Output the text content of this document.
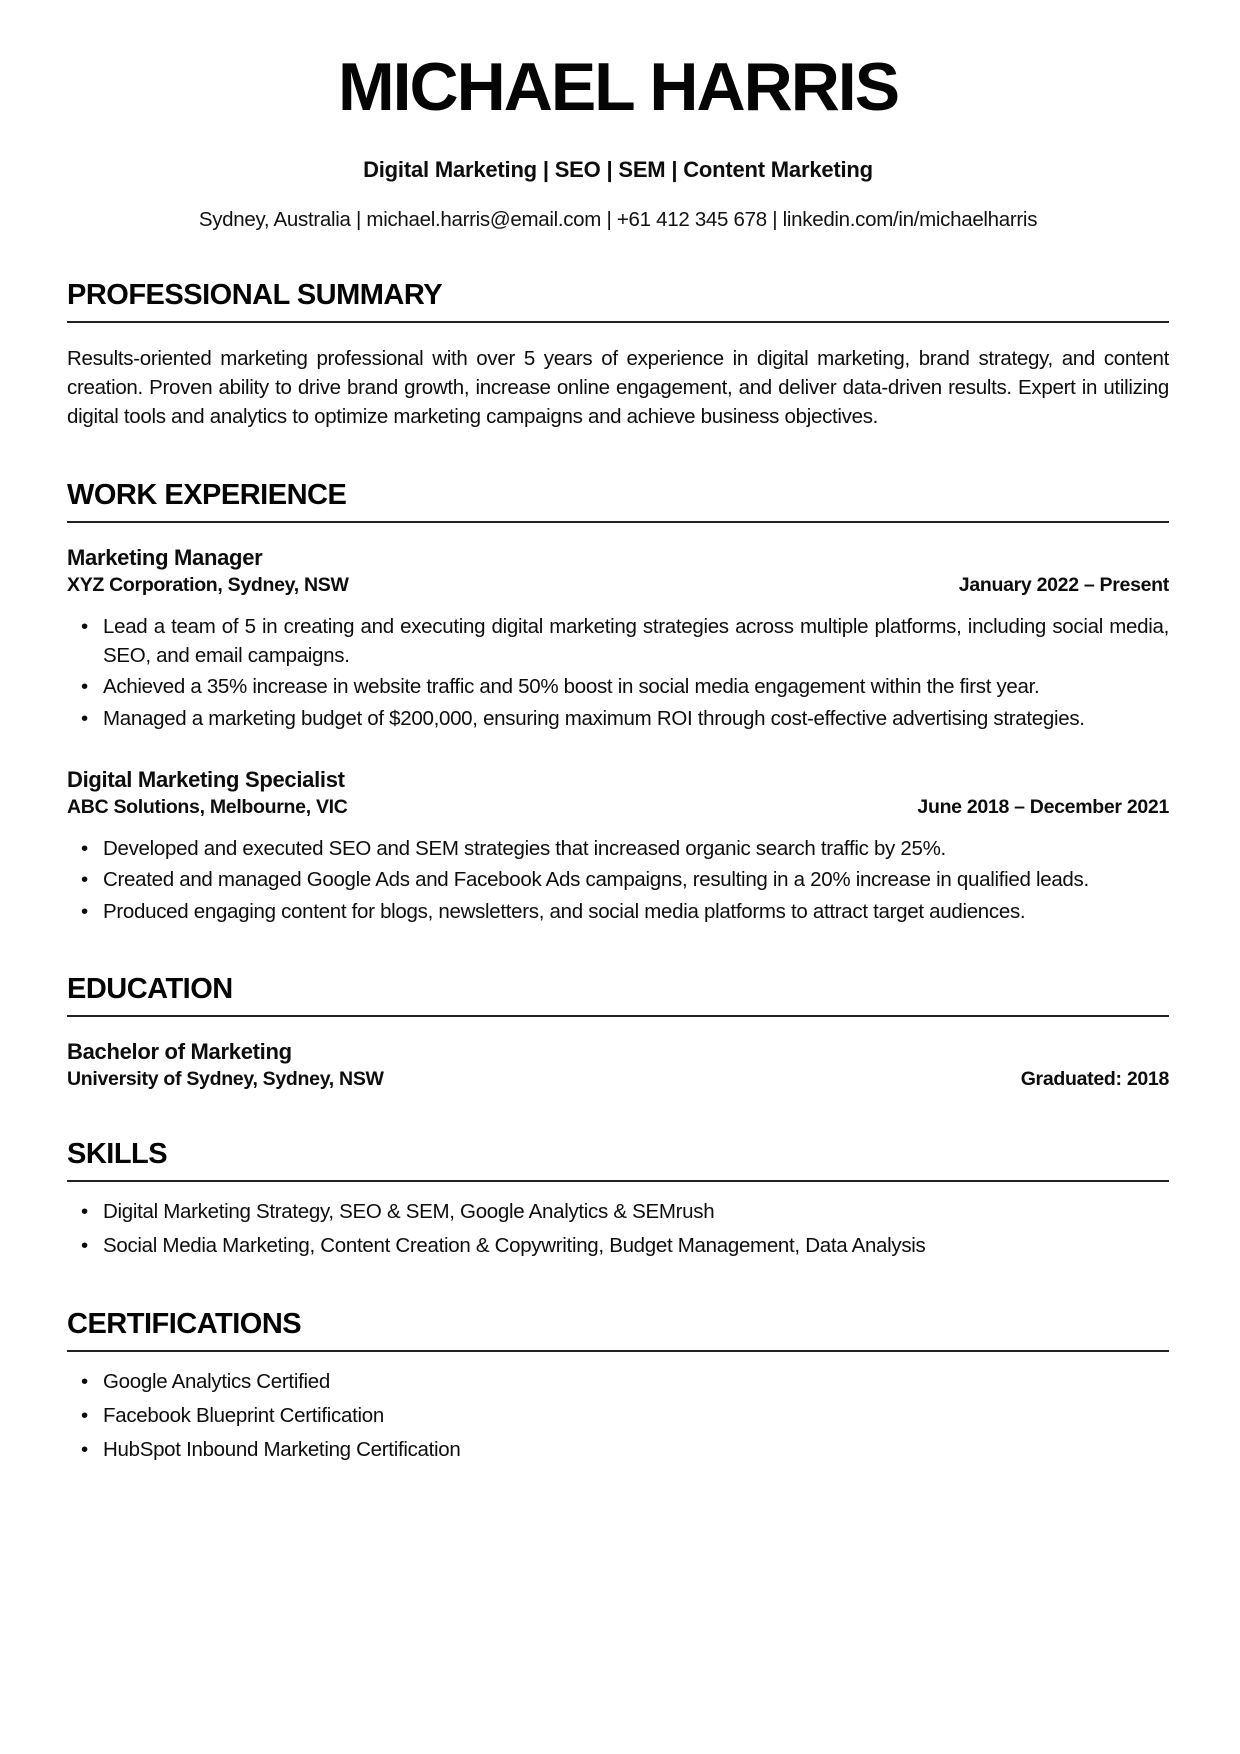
MICHAEL HARRIS
Digital Marketing | SEO | SEM | Content Marketing
Sydney, Australia | michael.harris@email.com | +61 412 345 678 | linkedin.com/in/michaelharris
PROFESSIONAL SUMMARY

Results-oriented marketing professional with over 5 years of experience in digital marketing, brand strategy, and content creation. Proven ability to drive brand growth, increase online engagement, and deliver data-driven results. Expert in utilizing digital tools and analytics to optimize marketing campaigns and achieve business objectives.

WORK EXPERIENCE
Marketing Manager
XYZ Corporation, Sydney, NSW	January 2022 – Present
• Lead a team of 5 in creating and executing digital marketing strategies across multiple platforms, including social media, SEO, and email campaigns.
• Achieved a 35% increase in website traffic and 50% boost in social media engagement within the first year.
• Managed a marketing budget of $200,000, ensuring maximum ROI through cost-effective advertising strategies.
Digital Marketing Specialist
ABC Solutions, Melbourne, VIC	June 2018 – December 2021
• Developed and executed SEO and SEM strategies that increased organic search traffic by 25%.
• Created and managed Google Ads and Facebook Ads campaigns, resulting in a 20% increase in qualified leads.
• Produced engaging content for blogs, newsletters, and social media platforms to attract target audiences.
EDUCATION
Bachelor of Marketing
University of Sydney, Sydney, NSW	Graduated: 2018
SKILLS
• Digital Marketing Strategy, SEO & SEM, Google Analytics & SEMrush
• Social Media Marketing, Content Creation & Copywriting, Budget Management, Data Analysis
CERTIFICATIONS
• Google Analytics Certified
• Facebook Blueprint Certification
• HubSpot Inbound Marketing Certification
